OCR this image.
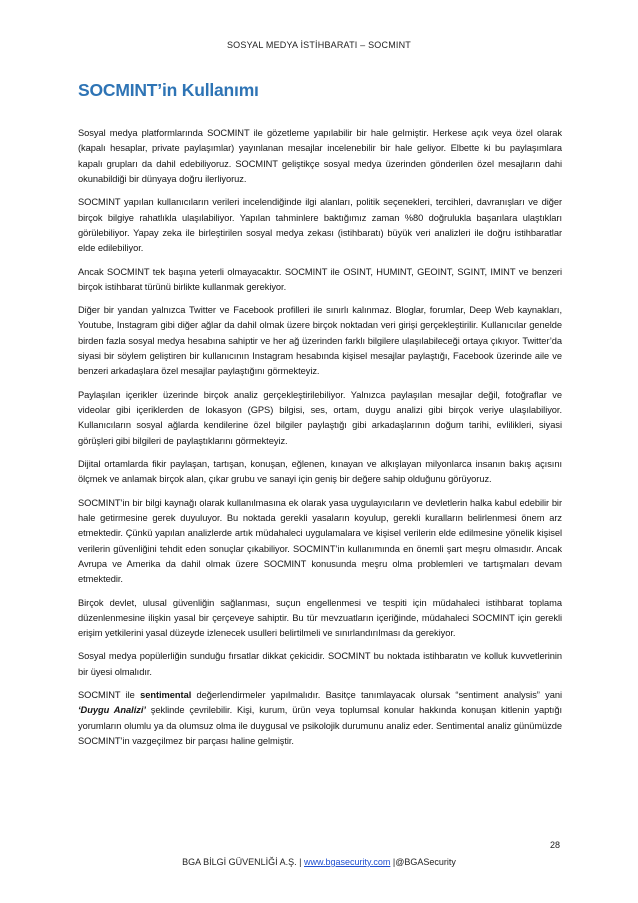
SOSYAL MEDYA İSTİHBARATI – SOCMINT
SOCMINT’in Kullanımı

Sosyal medya platformlarında SOCMINT ile gözetleme yapılabilir bir hale gelmiştir. Herkese açık veya özel olarak (kapalı hesaplar, private paylaşımlar) yayınlanan mesajlar incelenebilir bir hale geliyor. Elbette ki bu paylaşımlara kapalı grupları da dahil edebiliyoruz. SOCMINT geliştikçe sosyal medya üzerinden gönderilen özel mesajların dahi okunabildiği bir dünyaya doğru ilerliyoruz.

SOCMINT yapılan kullanıcıların verileri incelendiğinde ilgi alanları, politik seçenekleri, tercihleri, davranışları ve diğer birçok bilgiye rahatlıkla ulaşılabiliyor. Yapılan tahminlere baktığımız zaman %80 doğrulukla başarılara ulaştıkları görülebiliyor. Yapay zeka ile birleştirilen sosyal medya zekası (istihbaratı) büyük veri analizleri ile doğru istihbaratlar elde edilebiliyor.

Ancak SOCMINT tek başına yeterli olmayacaktır. SOCMINT ile OSINT, HUMINT, GEOINT, SGINT, IMINT ve benzeri birçok istihbarat türünü birlikte kullanmak gerekiyor.

Diğer bir yandan yalnızca Twitter ve Facebook profilleri ile sınırlı kalınmaz. Bloglar, forumlar, Deep Web kaynakları, Youtube, Instagram gibi diğer ağlar da dahil olmak üzere birçok noktadan veri girişi gerçekleştirilir. Kullanıcılar genelde birden fazla sosyal medya hesabına sahiptir ve her ağ üzerinden farklı bilgilere ulaşılabileceği ortaya çıkıyor. Twitter’da siyasi bir söylem geliştiren bir kullanıcının Instagram hesabında kişisel mesajlar paylaştığı, Facebook üzerinde aile ve benzeri arkadaşlara özel mesajlar paylaştığını görmekteyiz.

Paylaşılan içerikler üzerinde birçok analiz gerçekleştirilebiliyor. Yalnızca paylaşılan mesajlar değil, fotoğraflar ve videolar gibi içeriklerden de lokasyon (GPS) bilgisi, ses, ortam, duygu analizi gibi birçok veriye ulaşılabiliyor. Kullanıcıların sosyal ağlarda kendilerine özel bilgiler paylaştığı gibi arkadaşlarının doğum tarihi, evlilikleri, siyasi görüşleri gibi bilgileri de paylaştıklarını görmekteyiz.

Dijital ortamlarda fikir paylaşan, tartışan, konuşan, eğlenen, kınayan ve alkışlayan milyonlarca insanın bakış açısını ölçmek ve anlamak birçok alan, çıkar grubu ve sanayi için geniş bir değere sahip olduğunu görüyoruz.

SOCMINT’in bir bilgi kaynağı olarak kullanılmasına ek olarak yasa uygulayıcıların ve devletlerin halka kabul edebilir bir hale getirmesine gerek duyuluyor. Bu noktada gerekli yasaların koyulup, gerekli kuralların belirlenmesi önem arz etmektedir. Çünkü yapılan analizlerde artık müdahaleci uygulamalara ve kişisel verilerin elde edilmesine yönelik kişisel verilerin güvenliğini tehdit eden sonuçlar çıkabiliyor. SOCMINT’in kullanımında en önemli şart meşru olmasıdır. Ancak Avrupa ve Amerika da dahil olmak üzere SOCMINT konusunda meşru olma problemleri ve tartışmaları devam etmektedir.

Birçok devlet, ulusal güvenliğin sağlanması, suçun engellenmesi ve tespiti için müdahaleci istihbarat toplama düzenlenmesine ilişkin yasal bir çerçeveye sahiptir. Bu tür mevzuatların içeriğinde, müdahaleci SOCMINT için gerekli erişim yetkilerini yasal düzeyde izlenecek usulleri belirtilmeli ve sınırlandırılması da gerekiyor.

Sosyal medya popülerliğin sunduğu fırsatlar dikkat çekicidir. SOCMINT bu noktada istihbaratın ve kolluk kuvvetlerinin bir üyesi olmalıdır.

SOCMINT ile sentimental değerlendirmeler yapılmalıdır. Basitçe tanımlayacak olursak “sentiment analysis” yani ‘Duygu Analizi’ şeklinde çevrilebilir. Kişi, kurum, ürün veya toplumsal konular hakkında konuşan kitlenin yaptığı yorumların olumlu ya da olumsuz olma ile duygusal ve psikolojik durumunu analiz eder. Sentimental analiz günümüzde SOCMINT’in vazgeçilmez bir parçası haline gelmiştir.

28
BGA BİLGİ GÜVENLİĞİ A.Ş. | www.bgasecurity.com |@BGASecurity
